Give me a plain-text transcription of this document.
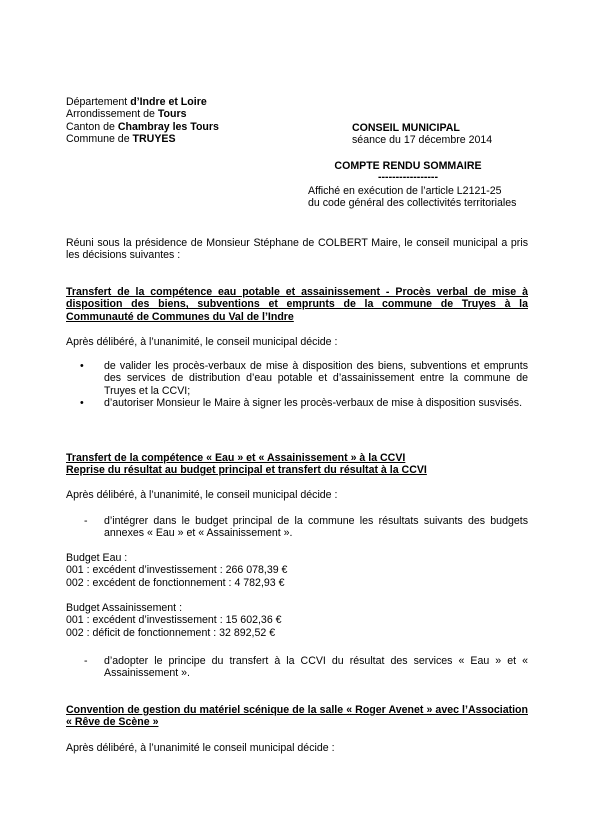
Département d’Indre et Loire
Arrondissement de Tours
Canton de Chambray les Tours
Commune de TRUYES
CONSEIL MUNICIPAL
séance du 17 décembre 2014
COMPTE RENDU SOMMAIRE
-----------------
Affiché en exécution de l’article L2121-25
du code général des collectivités territoriales
Réuni sous la présidence de Monsieur Stéphane de COLBERT Maire, le conseil municipal a pris les décisions suivantes :
Transfert de la compétence eau potable et assainissement - Procès verbal de mise à disposition des biens, subventions et emprunts de la commune de Truyes à la Communauté de Communes du Val de l’Indre
Après délibéré, à l’unanimité, le conseil municipal décide :
• de valider les procès-verbaux de mise à disposition des biens, subventions et emprunts des services de distribution d’eau potable et d’assainissement entre la commune de Truyes et la CCVI;
• d’autoriser Monsieur le Maire à signer les procès-verbaux de mise à disposition susvisés.
Transfert de la compétence « Eau » et « Assainissement » à la CCVI
Reprise du résultat au budget principal et transfert du résultat à la CCVI
Après délibéré, à l’unanimité, le conseil municipal décide :
- d’intégrer dans le budget principal de la commune les résultats suivants des budgets annexes « Eau » et « Assainissement ».
Budget Eau :
001 : excédent d’investissement : 266 078,39 €
002 : excédent de fonctionnement : 4 782,93 €
Budget Assainissement :
001 : excédent d’investissement : 15 602,36 €
002 : déficit de fonctionnement : 32 892,52 €
- d’adopter le principe du transfert à la CCVI du résultat des services « Eau » et « Assainissement ».
Convention de gestion du matériel scénique de la salle « Roger Avenet » avec l’Association « Rêve de Scène »
Après délibéré, à l’unanimité le conseil municipal décide :
